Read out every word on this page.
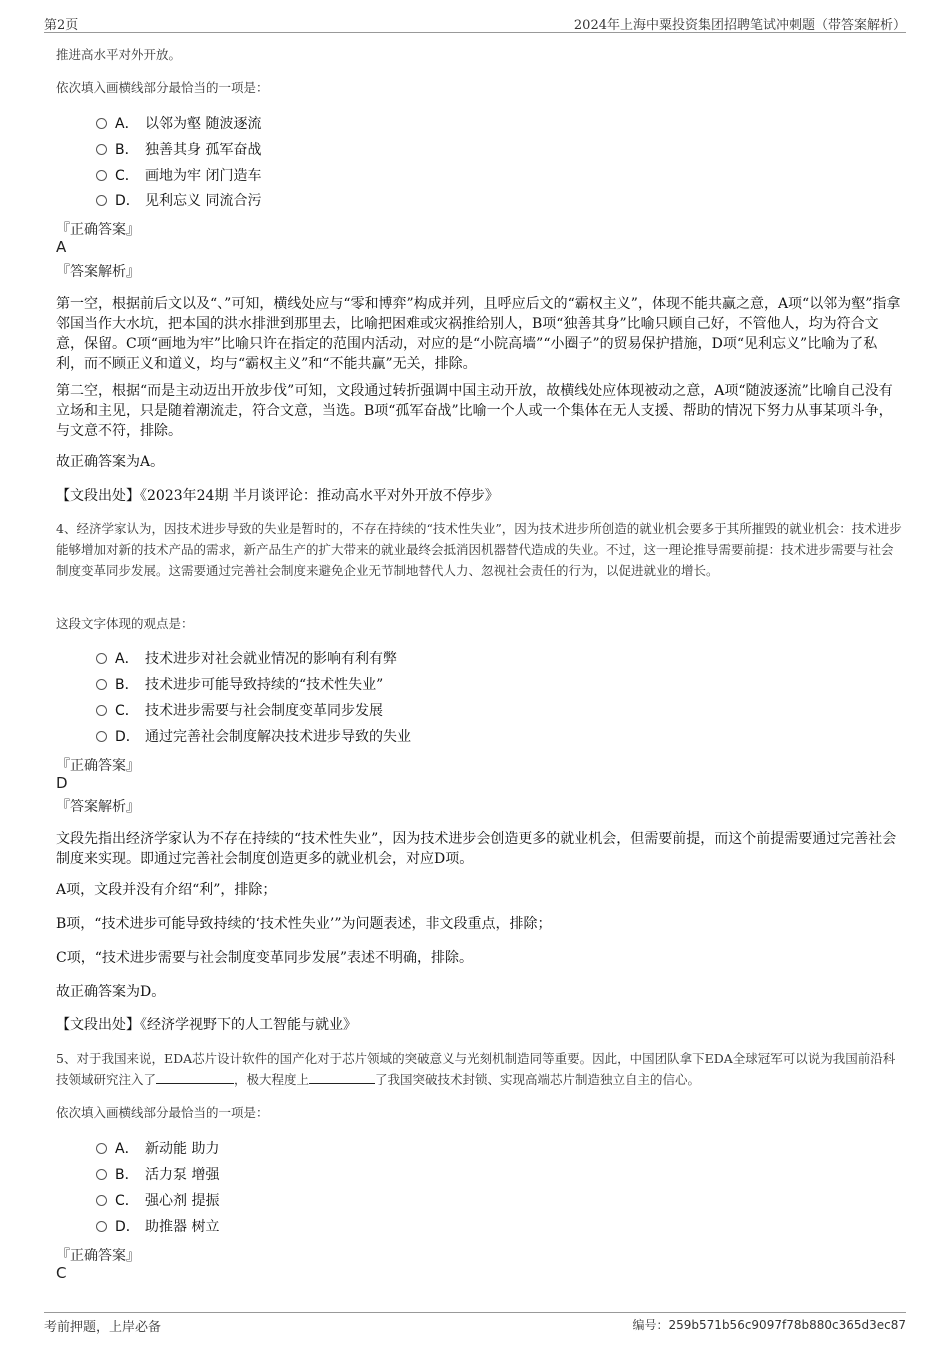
第2页	2024年上海中粟投资集团招聘笔试冲刺题（带答案解析）
推进高水平对外开放。
依次填入画横线部分最恰当的一项是：
A． 以邻为壑 随波逐流
B． 独善其身 孤军奋战
C． 画地为牢 闭门造车
D． 见利忘义 同流合污
『正确答案』
A
『答案解析』
第一空，根据前后文以及“、”可知，横线处应与“零和博弈”构成并列，且呼应后文的“霸权主义”，体现不能共赢之意，A项“以邻为壑”指拿邻国当作大水坑，把本国的洪水排泄到那里去，比喻把困难或灾祸推给别人，B项“独善其身”比喻只顾自己好，不管他人，均为符合文意，保留。C项“画地为牢”比喻只许在指定的范围内活动，对应的是“小院高墙”“小圈子”的贸易保护措施，D项“见利忘义”比喻为了私利，而不顾正义和道义，均与“霸权主义”和“不能共赢”无关，排除。
第二空，根据“而是主动迈出开放步伐”可知，文段通过转折强调中国主动开放，故横线处应体现被动之意，A项“随波逐流”比喻自己没有立场和主见，只是随着潮流走，符合文意，当选。B项“孤军奋战”比喻一个人或一个集体在无人支援、帮助的情况下努力从事某项斗争，与文意不符，排除。
故正确答案为A。
【文段出处】《2023年24期 半月谈评论：推动高水平对外开放不停步》
4、经济学家认为，因技术进步导致的失业是暂时的，不存在持续的“技术性失业”，因为技术进步所创造的就业机会要多于其所摧毁的就业机会：技术进步能够增加对新的技术产品的需求，新产品生产的扩大带来的就业最终会抵消因机器替代造成的失业。不过，这一理论推导需要前提：技术进步需要与社会制度变革同步发展。这需要通过完善社会制度来避免企业无节制地替代人力、忽视社会责任的行为，以促进就业的增长。
这段文字体现的观点是：
A． 技术进步对社会就业情况的影响有利有弊
B． 技术进步可能导致持续的“技术性失业”
C． 技术进步需要与社会制度变革同步发展
D． 通过完善社会制度解决技术进步导致的失业
『正确答案』
D
『答案解析』
文段先指出经济学家认为不存在持续的“技术性失业”，因为技术进步会创造更多的就业机会，但需要前提，而这个前提需要通过完善社会制度来实现。即通过完善社会制度创造更多的就业机会，对应D项。
A项，文段并没有介绍“利”，排除；
B项，“技术进步可能导致持续的‘技术性失业’”为问题表述，非文段重点，排除；
C项，“技术进步需要与社会制度变革同步发展”表述不明确，排除。
故正确答案为D。
【文段出处】《经济学视野下的人工智能与就业》
5、对于我国来说，EDA芯片设计软件的国产化对于芯片领域的突破意义与光刻机制造同等重要。因此，中国团队拿下EDA全球冠军可以说为我国前沿科技领域研究注入了	，极大程度上	了我国突破技术封锁、实现高端芯片制造独立自主的信心。
依次填入画横线部分最恰当的一项是：
A． 新动能 助力
B． 活力泵 增强
C． 强心剂 提振
D． 助推器 树立
『正确答案』
C
考前押题，上岸必备	编号：259b571b56c9097f78b880c365d3ec87
